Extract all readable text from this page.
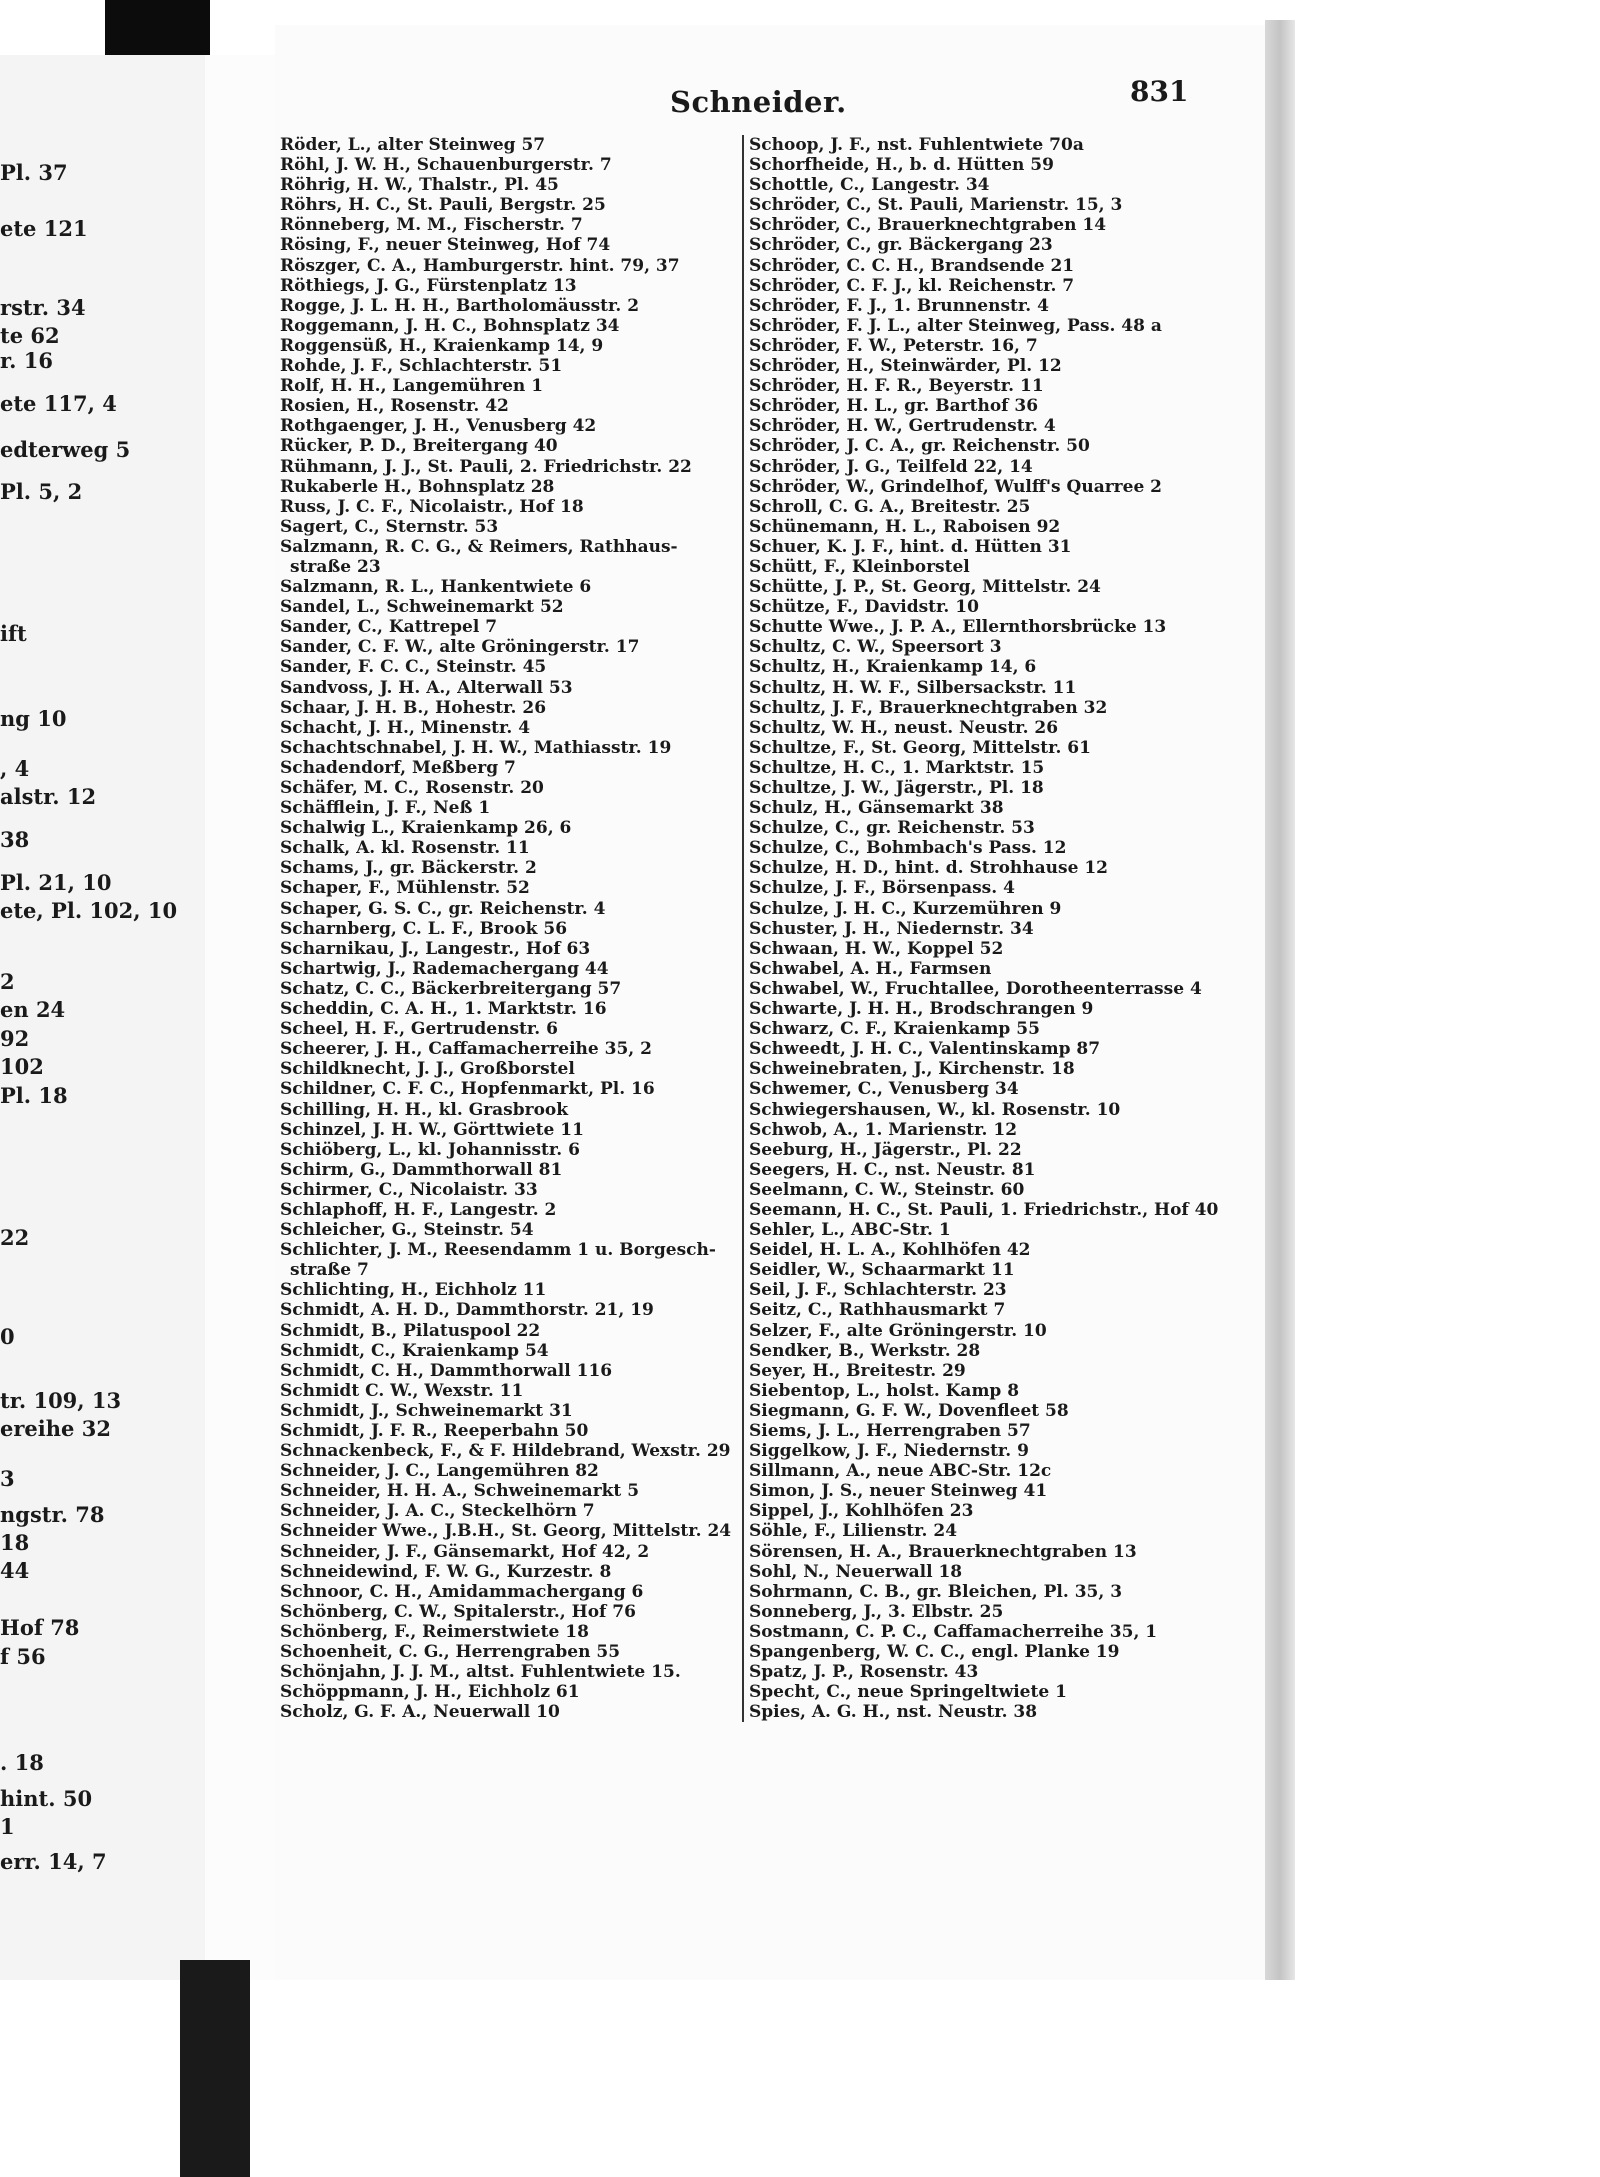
Pl. 37
ete 121
rstr. 34
te 62
r. 16
ete 117, 4
edterweg 5
Pl. 5, 2
ift
ng 10
, 4
alstr. 12
38
Pl. 21, 10
ete, Pl. 102, 10
2
en 24
92
102
Pl. 18
22
0
tr. 109, 13
ereihe 32
3
ngstr. 78
18
44
Hof 78
f 56
. 18
hint. 50
1
err. 14, 7
Schneider.	831
Röder, L., alter Steinweg 57
Röhl, J. W. H., Schauenburgerstr. 7
Röhrig, H. W., Thalstr., Pl. 45
Röhrs, H. C., St. Pauli, Bergstr. 25
Rönneberg, M. M., Fischerstr. 7
Rösing, F., neuer Steinweg, Hof 74
Röszger, C. A., Hamburgerstr. hint. 79, 37
Röthiegs, J. G., Fürstenplatz 13
Rogge, J. L. H. H., Bartholomäusstr. 2
Roggemann, J. H. C., Bohnsplatz 34
Roggensüß, H., Kraienkamp 14, 9
Rohde, J. F., Schlachterstr. 51
Rolf, H. H., Langemühren 1
Rosien, H., Rosenstr. 42
Rothgaenger, J. H., Venusberg 42
Rücker, P. D., Breitergang 40
Rühmann, J. J., St. Pauli, 2. Friedrichstr. 22
Rukaberle H., Bohnsplatz 28
Russ, J. C. F., Nicolaistr., Hof 18
Sagert, C., Sternstr. 53
Salzmann, R. C. G., & Reimers, Rathhaus-
straße 23
Salzmann, R. L., Hankentwiete 6
Sandel, L., Schweinemarkt 52
Sander, C., Kattrepel 7
Sander, C. F. W., alte Gröningerstr. 17
Sander, F. C. C., Steinstr. 45
Sandvoss, J. H. A., Alterwall 53
Schaar, J. H. B., Hohestr. 26
Schacht, J. H., Minenstr. 4
Schachtschnabel, J. H. W., Mathiasstr. 19
Schadendorf, Meßberg 7
Schäfer, M. C., Rosenstr. 20
Schäfflein, J. F., Neß 1
Schalwig L., Kraienkamp 26, 6
Schalk, A. kl. Rosenstr. 11
Schams, J., gr. Bäckerstr. 2
Schaper, F., Mühlenstr. 52
Schaper, G. S. C., gr. Reichenstr. 4
Scharnberg, C. L. F., Brook 56
Scharnikau, J., Langestr., Hof 63
Schartwig, J., Rademachergang 44
Schatz, C. C., Bäckerbreitergang 57
Scheddin, C. A. H., 1. Marktstr. 16
Scheel, H. F., Gertrudenstr. 6
Scheerer, J. H., Caffamacherreihe 35, 2
Schildknecht, J. J., Großborstel
Schildner, C. F. C., Hopfenmarkt, Pl. 16
Schilling, H. H., kl. Grasbrook
Schinzel, J. H. W., Görttwiete 11
Schiöberg, L., kl. Johannisstr. 6
Schirm, G., Dammthorwall 81
Schirmer, C., Nicolaistr. 33
Schlaphoff, H. F., Langestr. 2
Schleicher, G., Steinstr. 54
Schlichter, J. M., Reesendamm 1 u. Borgesch-
straße 7
Schlichting, H., Eichholz 11
Schmidt, A. H. D., Dammthorstr. 21, 19
Schmidt, B., Pilatuspool 22
Schmidt, C., Kraienkamp 54
Schmidt, C. H., Dammthorwall 116
Schmidt C. W., Wexstr. 11
Schmidt, J., Schweinemarkt 31
Schmidt, J. F. R., Reeperbahn 50
Schnackenbeck, F., & F. Hildebrand, Wexstr. 29
Schneider, J. C., Langemühren 82
Schneider, H. H. A., Schweinemarkt 5
Schneider, J. A. C., Steckelhörn 7
Schneider Wwe., J.B.H., St. Georg, Mittelstr. 24
Schneider, J. F., Gänsemarkt, Hof 42, 2
Schneidewind, F. W. G., Kurzestr. 8
Schnoor, C. H., Amidammachergang 6
Schönberg, C. W., Spitalerstr., Hof 76
Schönberg, F., Reimerstwiete 18
Schoenheit, C. G., Herrengraben 55
Schönjahn, J. J. M., altst. Fuhlentwiete 15.
Schöppmann, J. H., Eichholz 61
Scholz, G. F. A., Neuerwall 10
Schoop, J. F., nst. Fuhlentwiete 70a
Schorfheide, H., b. d. Hütten 59
Schottle, C., Langestr. 34
Schröder, C., St. Pauli, Marienstr. 15, 3
Schröder, C., Brauerknechtgraben 14
Schröder, C., gr. Bäckergang 23
Schröder, C. C. H., Brandsende 21
Schröder, C. F. J., kl. Reichenstr. 7
Schröder, F. J., 1. Brunnenstr. 4
Schröder, F. J. L., alter Steinweg, Pass. 48 a
Schröder, F. W., Peterstr. 16, 7
Schröder, H., Steinwärder, Pl. 12
Schröder, H. F. R., Beyerstr. 11
Schröder, H. L., gr. Barthof 36
Schröder, H. W., Gertrudenstr. 4
Schröder, J. C. A., gr. Reichenstr. 50
Schröder, J. G., Teilfeld 22, 14
Schröder, W., Grindelhof, Wulff's Quarree 2
Schroll, C. G. A., Breitestr. 25
Schünemann, H. L., Raboisen 92
Schuer, K. J. F., hint. d. Hütten 31
Schütt, F., Kleinborstel
Schütte, J. P., St. Georg, Mittelstr. 24
Schütze, F., Davidstr. 10
Schutte Wwe., J. P. A., Ellernthorsbrücke 13
Schultz, C. W., Speersort 3
Schultz, H., Kraienkamp 14, 6
Schultz, H. W. F., Silbersackstr. 11
Schultz, J. F., Brauerknechtgraben 32
Schultz, W. H., neust. Neustr. 26
Schultze, F., St. Georg, Mittelstr. 61
Schultze, H. C., 1. Marktstr. 15
Schultze, J. W., Jägerstr., Pl. 18
Schulz, H., Gänsemarkt 38
Schulze, C., gr. Reichenstr. 53
Schulze, C., Bohmbach's Pass. 12
Schulze, H. D., hint. d. Strohhause 12
Schulze, J. F., Börsenpass. 4
Schulze, J. H. C., Kurzemühren 9
Schuster, J. H., Niedernstr. 34
Schwaan, H. W., Koppel 52
Schwabel, A. H., Farmsen
Schwabel, W., Fruchtallee, Dorotheenterrasse 4
Schwarte, J. H. H., Brodschrangen 9
Schwarz, C. F., Kraienkamp 55
Schweedt, J. H. C., Valentinskamp 87
Schweinebraten, J., Kirchenstr. 18
Schwemer, C., Venusberg 34
Schwiegershausen, W., kl. Rosenstr. 10
Schwob, A., 1. Marienstr. 12
Seeburg, H., Jägerstr., Pl. 22
Seegers, H. C., nst. Neustr. 81
Seelmann, C. W., Steinstr. 60
Seemann, H. C., St. Pauli, 1. Friedrichstr., Hof 40
Sehler, L., ABC-Str. 1
Seidel, H. L. A., Kohlhöfen 42
Seidler, W., Schaarmarkt 11
Seil, J. F., Schlachterstr. 23
Seitz, C., Rathhausmarkt 7
Selzer, F., alte Gröningerstr. 10
Sendker, B., Werkstr. 28
Seyer, H., Breitestr. 29
Siebentop, L., holst. Kamp 8
Siegmann, G. F. W., Dovenfleet 58
Siems, J. L., Herrengraben 57
Siggelkow, J. F., Niedernstr. 9
Sillmann, A., neue ABC-Str. 12c
Simon, J. S., neuer Steinweg 41
Sippel, J., Kohlhöfen 23
Söhle, F., Lilienstr. 24
Sörensen, H. A., Brauerknechtgraben 13
Sohl, N., Neuerwall 18
Sohrmann, C. B., gr. Bleichen, Pl. 35, 3
Sonneberg, J., 3. Elbstr. 25
Sostmann, C. P. C., Caffamacherreihe 35, 1
Spangenberg, W. C. C., engl. Planke 19
Spatz, J. P., Rosenstr. 43
Specht, C., neue Springeltwiete 1
Spies, A. G. H., nst. Neustr. 38
